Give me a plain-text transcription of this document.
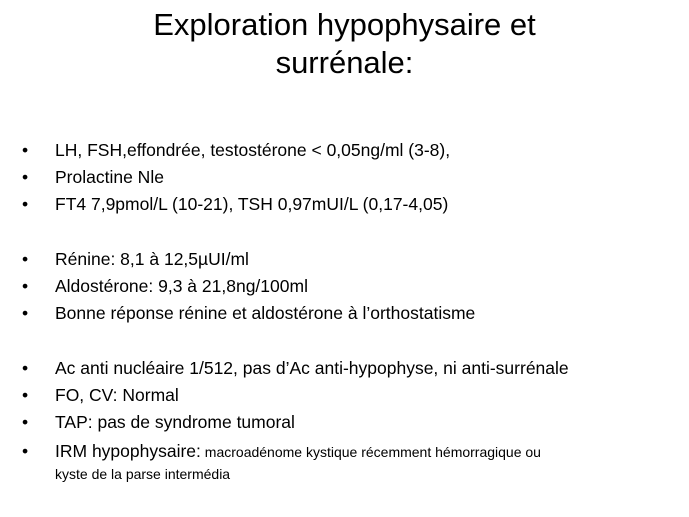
Exploration hypophysaire et
surrénale:
• LH, FSH,effondrée, testostérone < 0,05ng/ml (3-8),
• Prolactine Nle
• FT4 7,9pmol/L (10-21), TSH 0,97mUI/L (0,17-4,05)
• Rénine: 8,1 à 12,5µUI/ml
• Aldostérone: 9,3 à 21,8ng/100ml
• Bonne réponse rénine et aldostérone à l’orthostatisme
• Ac anti nucléaire 1/512, pas d’Ac anti-hypophyse, ni anti-surrénale
• FO, CV: Normal
• TAP: pas de syndrome tumoral
• IRM hypophysaire: macroadénome kystique récemment hémorragique ou
kyste de la parse intermédia
